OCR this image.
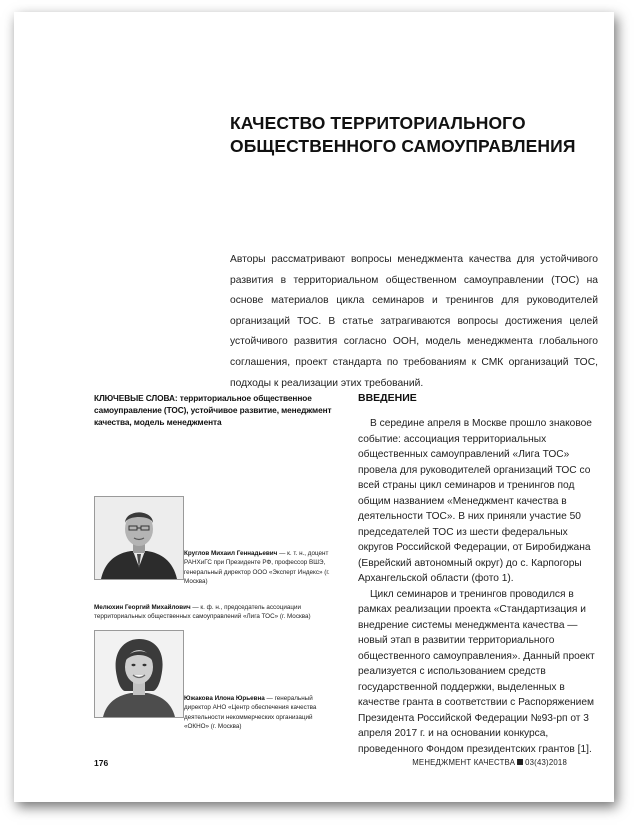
КАЧЕСТВО ТЕРРИТОРИАЛЬНОГО
ОБЩЕСТВЕННОГО САМОУПРАВЛЕНИЯ
Авторы рассматривают вопросы менеджмента качества для устойчивого развития в территориальном общественном самоуправлении (ТОС) на основе материалов цикла семинаров и тренингов для руководителей организаций ТОС. В статье затрагиваются вопросы достижения целей устойчивого развития согласно ООН, модель менеджмента глобального соглашения, проект стандарта по требованиям к СМК организаций ТОС, подходы к реализации этих требований.
КЛЮЧЕВЫЕ СЛОВА: территориальное общественное самоуправление (ТОС), устойчивое развитие, менеджмент качества, модель менеджмента
Круглов Михаил Геннадьевич — к. т. н., доцент РАНХиГС при Президенте РФ, профессор ВШЭ, генеральный директор ООО «Эксперт Индекс» (г. Москва)
Мелюхин Георгий Михайлович — к. ф. н., председатель ассоциации территориальных общественных самоуправлений «Лига ТОС» (г. Москва)
Южакова Илона Юрьевна — генеральный директор АНО «Центр обеспечения качества деятельности некоммерческих организаций «ОКНО» (г. Москва)
ВВЕДЕНИЕ

В середине апреля в Москве прошло знаковое событие: ассоциация территориальных общественных самоуправлений «Лига ТОС» провела для руководителей организаций ТОС со всей страны цикл семинаров и тренингов под общим названием «Менеджмент качества в деятельности ТОС». В них приняли участие 50 председателей ТОС из шести федеральных округов Российской Федерации, от Биробиджана (Еврейский автономный округ) до с. Карпогоры Архангельской области (фото 1).

Цикл семинаров и тренингов проводился в рамках реализации проекта «Стандартизация и внедрение системы менеджмента качества — новый этап в развитии территориального общественного самоуправления». Данный проект реализуется с использованием средств государственной поддержки, выделенных в качестве гранта в соответствии с Распоряжением Президента Российской Федерации №93-рп от 3 апреля 2017 г. и на основании конкурса, проведенного Фондом президентских грантов [1].

176	МЕНЕДЖМЕНТ КАЧЕСТВА 03(43)2018
